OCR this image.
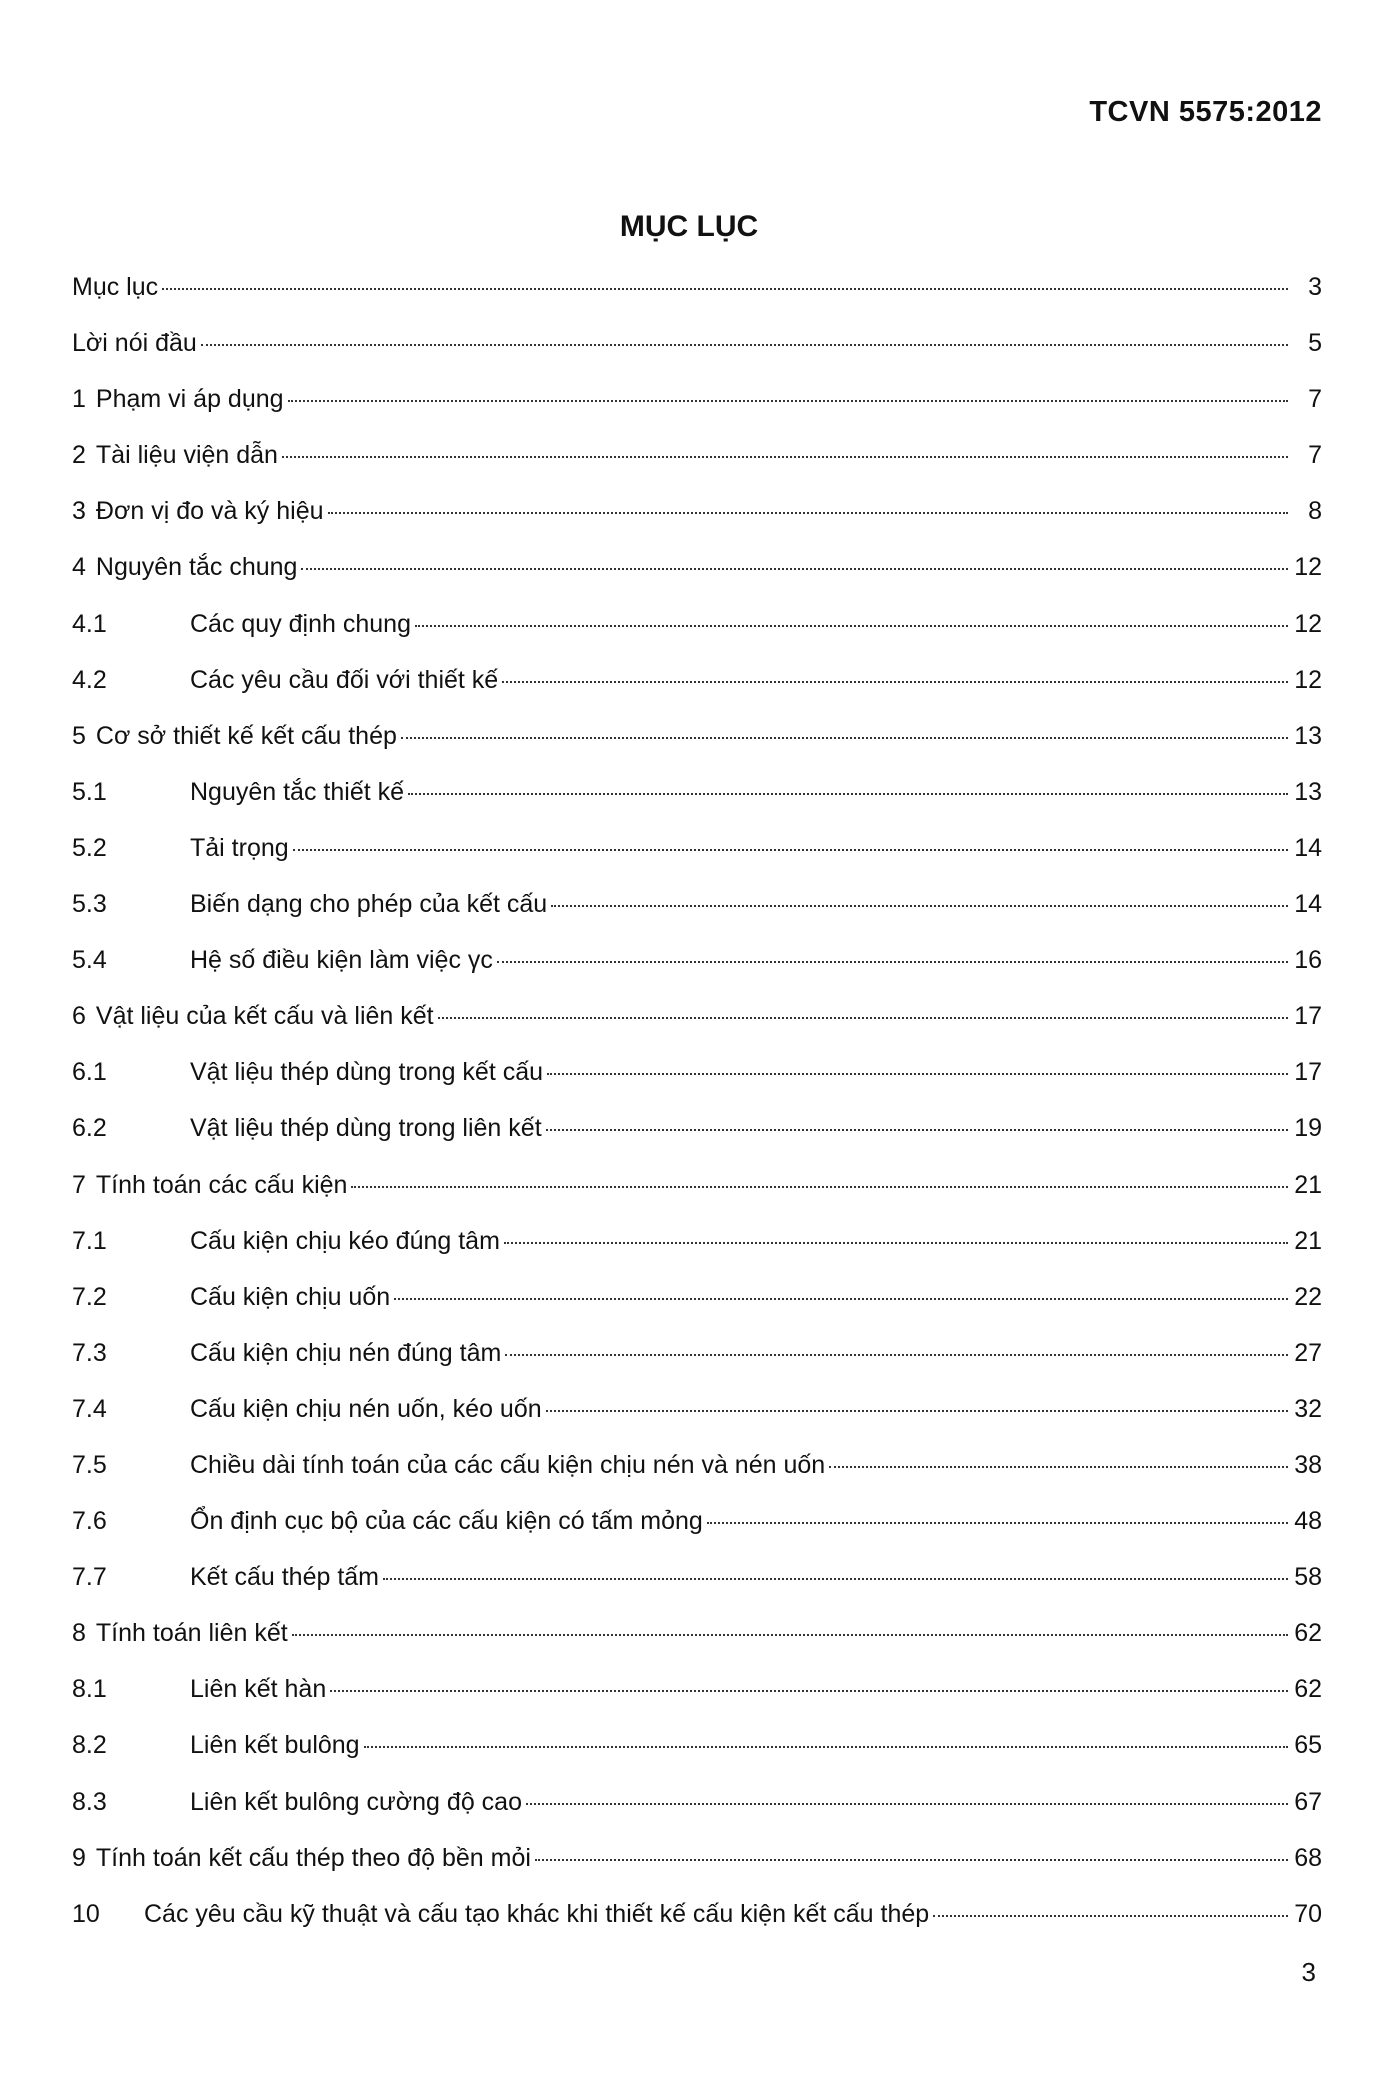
TCVN 5575:2012
MỤC LỤC
Mục lục	3
Lời nói đầu	5
1 Phạm vi áp dụng	7
2 Tài liệu viện dẫn	7
3 Đơn vị đo và ký hiệu	8
4 Nguyên tắc chung	12
4.1	Các quy định chung	12
4.2	Các yêu cầu đối với thiết kế	12
5 Cơ sở thiết kế kết cấu thép	13
5.1	Nguyên tắc thiết kế	13
5.2	Tải trọng	14
5.3	Biến dạng cho phép của kết cấu	14
5.4	Hệ số điều kiện làm việc γc	16
6 Vật liệu của kết cấu và liên kết	17
6.1	Vật liệu thép dùng trong kết cấu	17
6.2	Vật liệu thép dùng trong liên kết	19
7 Tính toán các cấu kiện	21
7.1	Cấu kiện chịu kéo đúng tâm	21
7.2	Cấu kiện chịu uốn	22
7.3	Cấu kiện chịu nén đúng tâm	27
7.4	Cấu kiện chịu nén uốn, kéo uốn	32
7.5	Chiều dài tính toán của các cấu kiện chịu nén và nén uốn	38
7.6	Ổn định cục bộ của các cấu kiện có tấm mỏng	48
7.7	Kết cấu thép tấm	58
8 Tính toán liên kết	62
8.1	Liên kết hàn	62
8.2	Liên kết bulông	65
8.3	Liên kết bulông cường độ cao	67
9 Tính toán kết cấu thép theo độ bền mỏi	68
10	Các yêu cầu kỹ thuật và cấu tạo khác khi thiết kế cấu kiện kết cấu thép	70
3
